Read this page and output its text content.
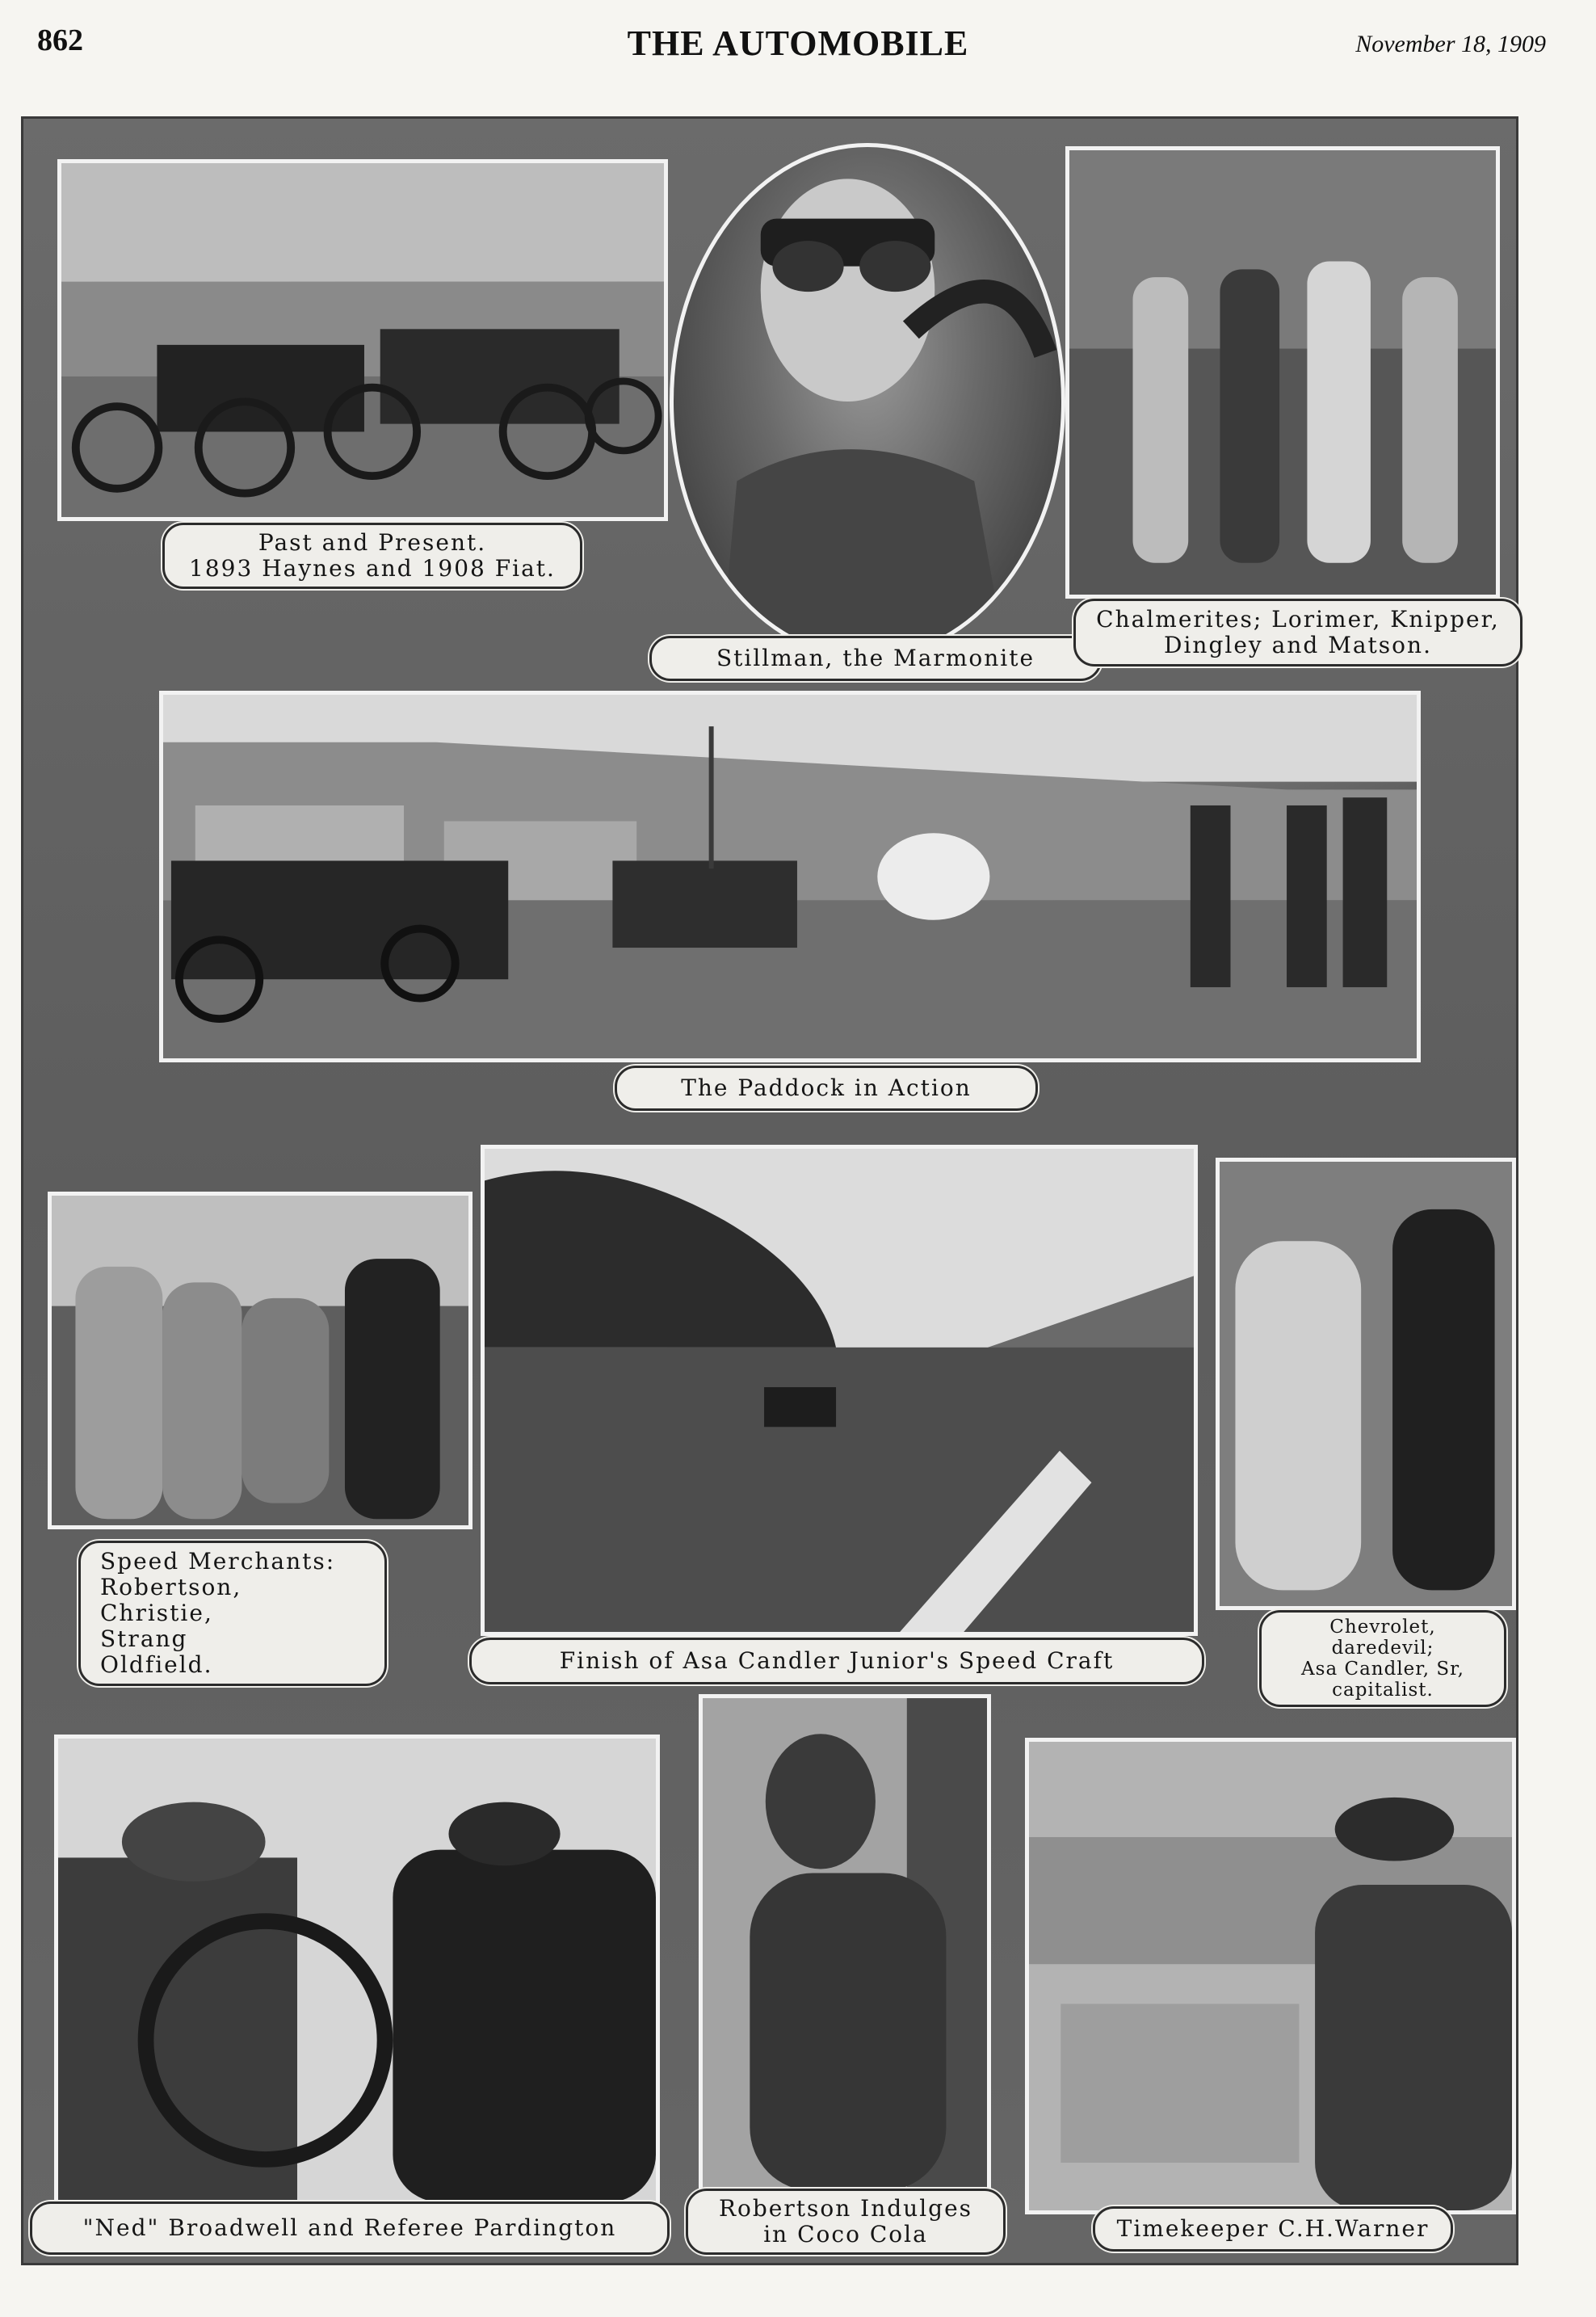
862	THE AUTOMOBILE	November 18, 1909
Past and Present.
1893 Haynes and 1908 Fiat.
Stillman, the Marmonite
Chalmerites; Lorimer, Knipper,
Dingley and Matson.
The Paddock in Action
Speed Merchants:
Robertson,
Christie,
Strang
Oldfield.	Finish of Asa Candler Junior's Speed Craft
Chevrolet,
daredevil;
Asa Candler, Sr,
capitalist.
"Ned" Broadwell and Referee Pardington
Robertson Indulges
in Coco Cola	Timekeeper C.H.Warner
